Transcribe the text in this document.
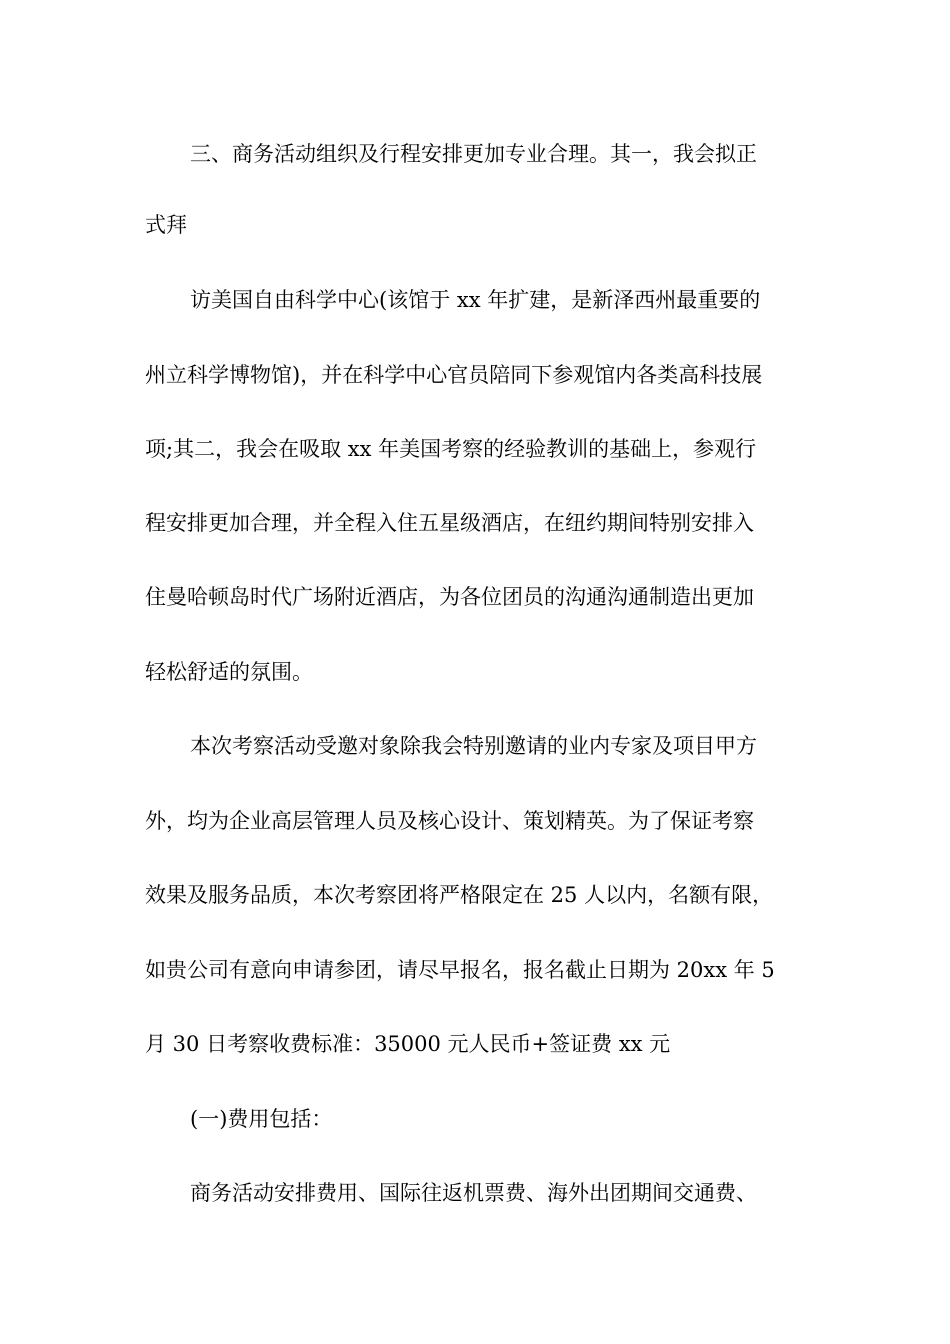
三、商务活动组织及行程安排更加专业合理。其一，我会拟正
式拜
访美国自由科学中心(该馆于 xx 年扩建，是新泽西州最重要的
州立科学博物馆)，并在科学中心官员陪同下参观馆内各类高科技展
项;其二，我会在吸取 xx 年美国考察的经验教训的基础上，参观行
程安排更加合理，并全程入住五星级酒店，在纽约期间特别安排入
住曼哈顿岛时代广场附近酒店，为各位团员的沟通沟通制造出更加
轻松舒适的氛围。
本次考察活动受邀对象除我会特别邀请的业内专家及项目甲方
外，均为企业高层管理人员及核心设计、策划精英。为了保证考察
效果及服务品质，本次考察团将严格限定在 25 人以内，名额有限，
如贵公司有意向申请参团，请尽早报名，报名截止日期为 20xx 年 5
月 30 日考察收费标准：35000 元人民币+签证费 xx 元
(一)费用包括：
商务活动安排费用、国际往返机票费、海外出团期间交通费、
